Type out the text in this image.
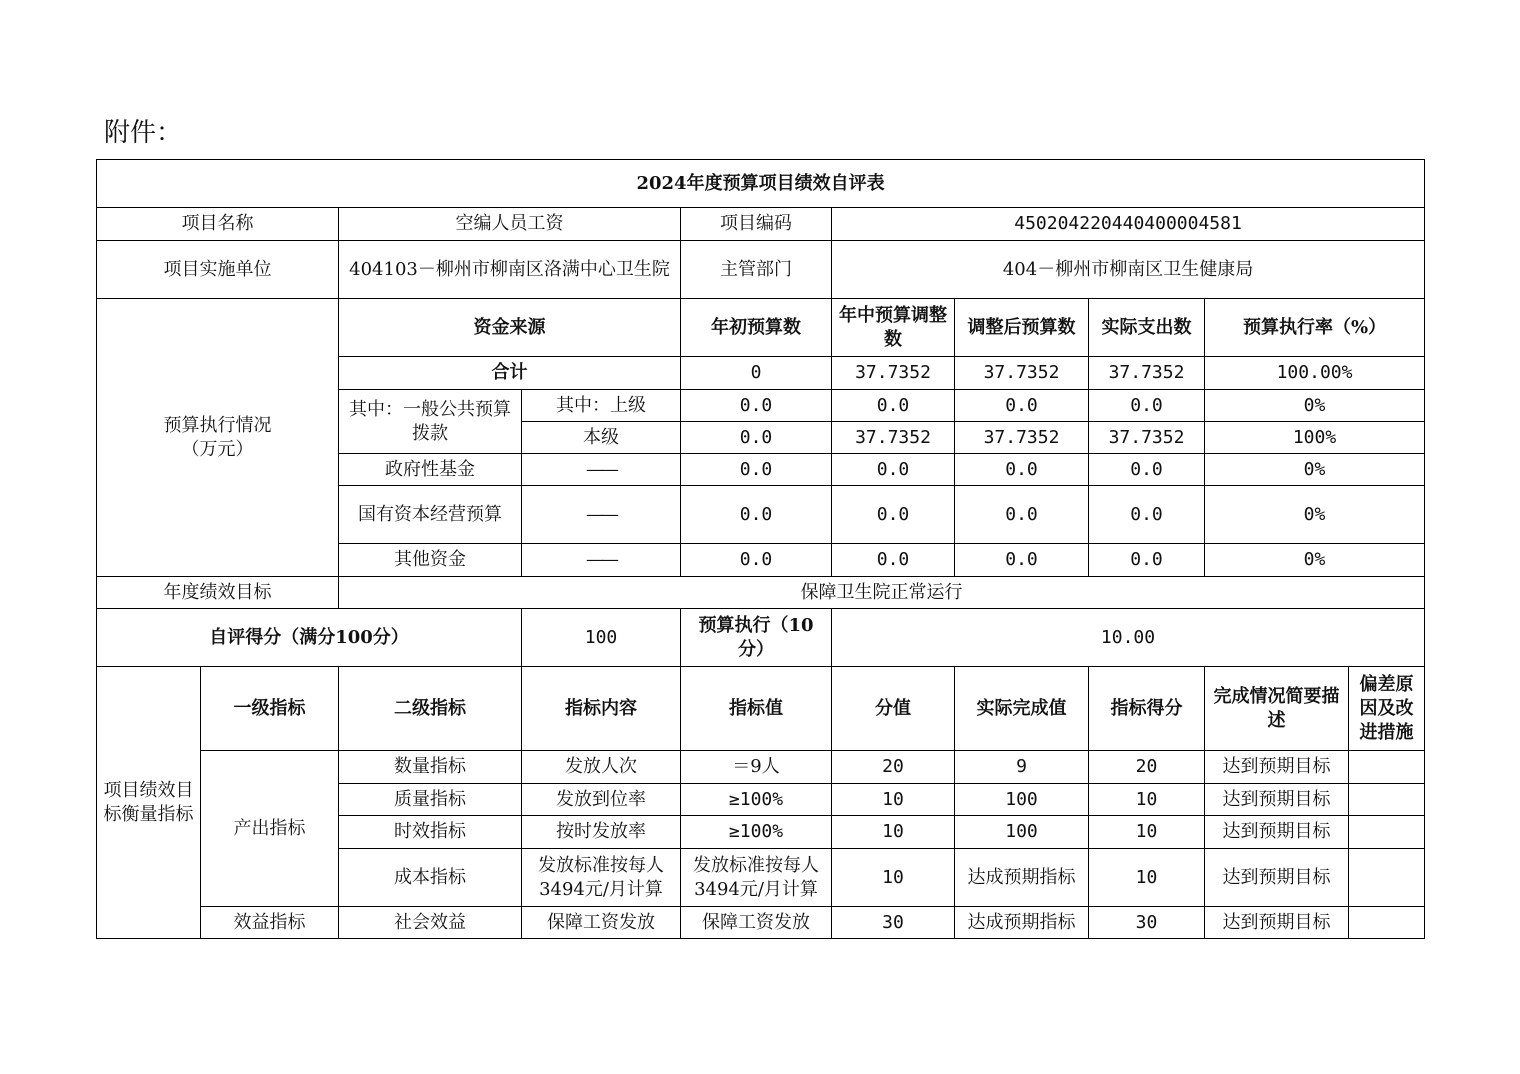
附件：
2024年度预算项目绩效自评表									
项目名称		空编人员工资		项目编码	450204220440400004581				
项目实施单位		404103－柳州市柳南区洛满中心卫生院		主管部门	404－柳州市柳南区卫生健康局				

预算执行情况
（万元）		资金来源		年初预算数	年中预算调整数	调整后预算数	实际支出数	预算执行率（%）	
		合计		0	37.7352	37.7352	37.7352	100.00%	
		其中：一般公共预算拨款	其中：上级	0.0	0.0	0.0	0.0	0%	
			本级	0.0	37.7352	37.7352	37.7352	100%	
		政府性基金	——	0.0	0.0	0.0	0.0	0%	
		国有资本经营预算	——	0.0	0.0	0.0	0.0	0%	
		其他资金	——	0.0	0.0	0.0	0.0	0%	
年度绩效目标		保障卫生院正常运行							
自评得分（满分100分）			100	预算执行（10分）	10.00				
项目绩效目标衡量指标	一级指标	二级指标	指标内容	指标值	分值	实际完成值	指标得分	完成情况简要描述	偏差原因及改进措施
	产出指标	数量指标	发放人次	＝9人	20	9	20	达到预期目标	
		质量指标	发放到位率	≥100%	10	100	10	达到预期目标	
		时效指标	按时发放率	≥100%	10	100	10	达到预期目标	
		成本指标	发放标准按每人3494元/月计算	发放标准按每人3494元/月计算	10	达成预期指标	10	达到预期目标	
	效益指标	社会效益	保障工资发放	保障工资发放	30	达成预期指标	30	达到预期目标	
